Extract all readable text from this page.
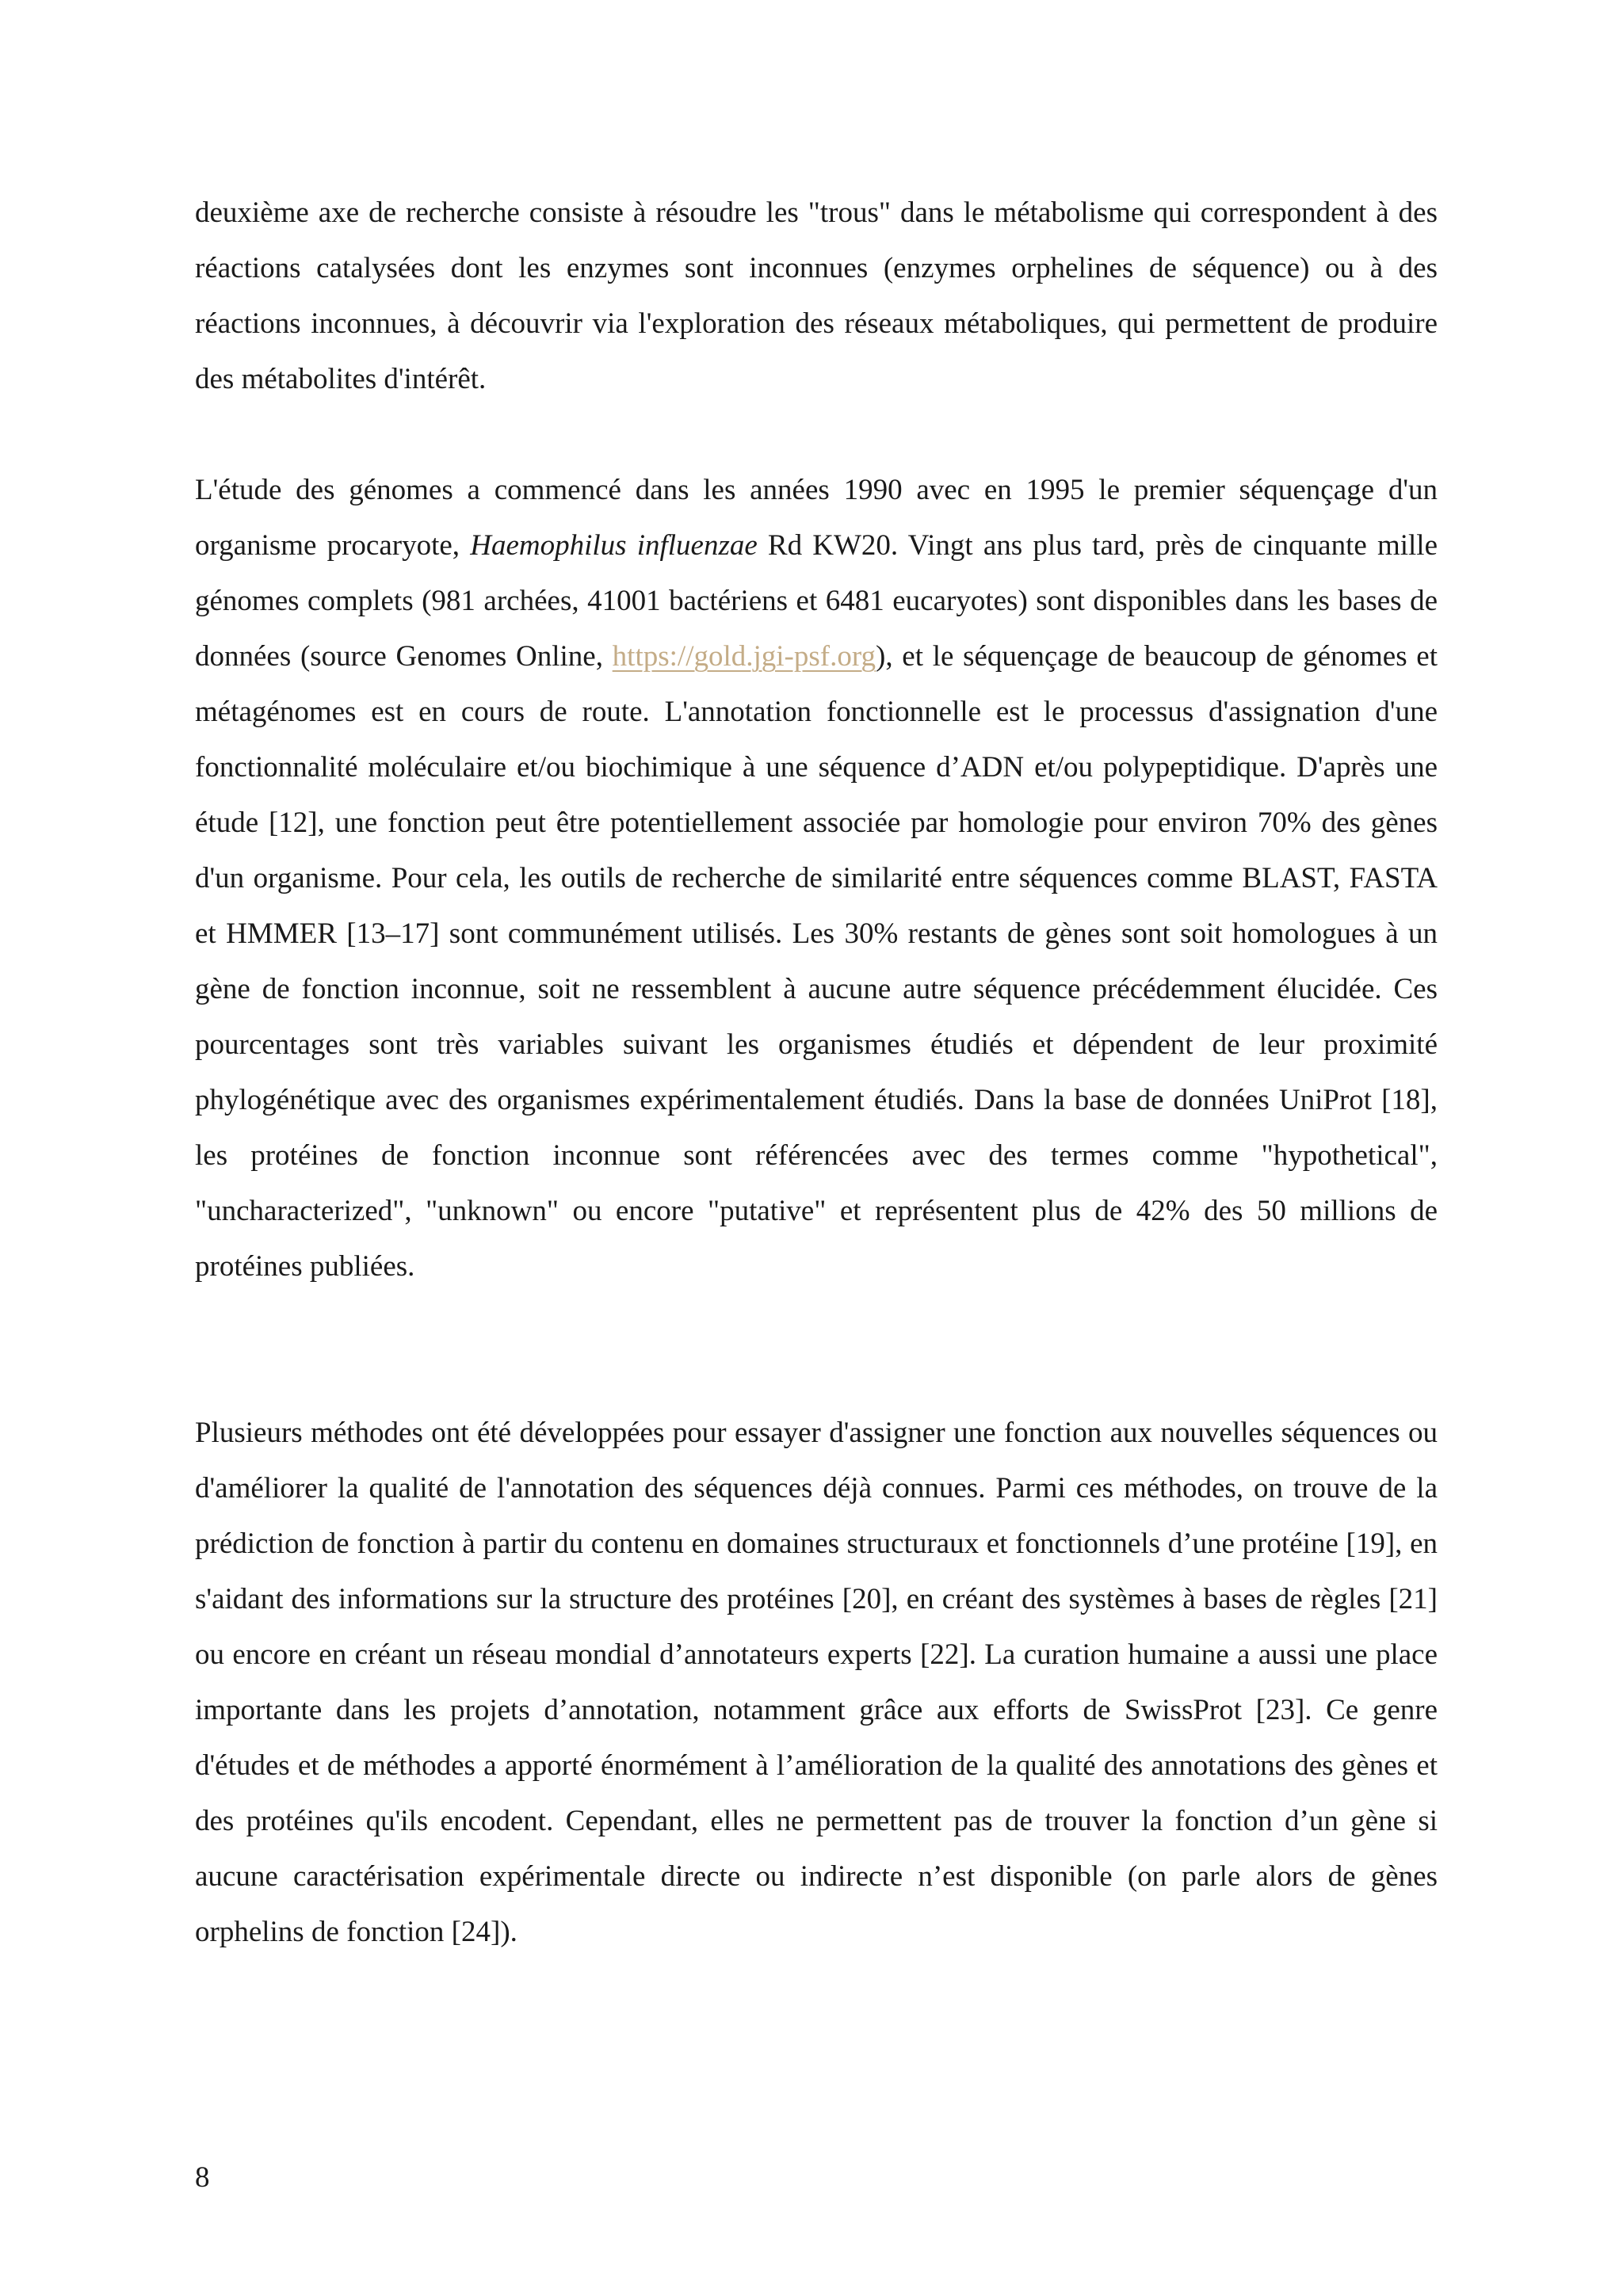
deuxième axe de recherche consiste à résoudre les "trous" dans le métabolisme qui correspondent à des réactions catalysées dont les enzymes sont inconnues (enzymes orphelines de séquence) ou à des réactions inconnues, à découvrir via l'exploration des réseaux métaboliques, qui permettent de produire des métabolites d'intérêt.

L'étude des génomes a commencé dans les années 1990 avec en 1995 le premier séquençage d'un organisme procaryote, Haemophilus influenzae Rd KW20. Vingt ans plus tard, près de cinquante mille génomes complets (981 archées, 41001 bactériens et 6481 eucaryotes) sont disponibles dans les bases de données (source Genomes Online, https://gold.jgi-psf.org), et le séquençage de beaucoup de génomes et métagénomes est en cours de route. L'annotation fonctionnelle est le processus d'assignation d'une fonctionnalité moléculaire et/ou biochimique à une séquence d’ADN et/ou polypeptidique. D'après une étude [12], une fonction peut être potentiellement associée par homologie pour environ 70% des gènes d'un organisme. Pour cela, les outils de recherche de similarité entre séquences comme BLAST, FASTA et HMMER [13–17] sont communément utilisés. Les 30% restants de gènes sont soit homologues à un gène de fonction inconnue, soit ne ressemblent à aucune autre séquence précédemment élucidée. Ces pourcentages sont très variables suivant les organismes étudiés et dépendent de leur proximité phylogénétique avec des organismes expérimentalement étudiés. Dans la base de données UniProt [18], les protéines de fonction inconnue sont référencées avec des termes comme "hypothetical", "uncharacterized", "unknown" ou encore "putative" et représentent plus de 42% des 50 millions de protéines publiées.

Plusieurs méthodes ont été développées pour essayer d'assigner une fonction aux nouvelles séquences ou d'améliorer la qualité de l'annotation des séquences déjà connues. Parmi ces méthodes, on trouve de la prédiction de fonction à partir du contenu en domaines structuraux et fonctionnels d’une protéine [19], en s'aidant des informations sur la structure des protéines [20], en créant des systèmes à bases de règles [21] ou encore en créant un réseau mondial d’annotateurs experts [22]. La curation humaine a aussi une place importante dans les projets d’annotation, notamment grâce aux efforts de SwissProt [23]. Ce genre d'études et de méthodes a apporté énormément à l’amélioration de la qualité des annotations des gènes et des protéines qu'ils encodent. Cependant, elles ne permettent pas de trouver la fonction d’un gène si aucune caractérisation expérimentale directe ou indirecte n’est disponible (on parle alors de gènes orphelins de fonction [24]).

8
